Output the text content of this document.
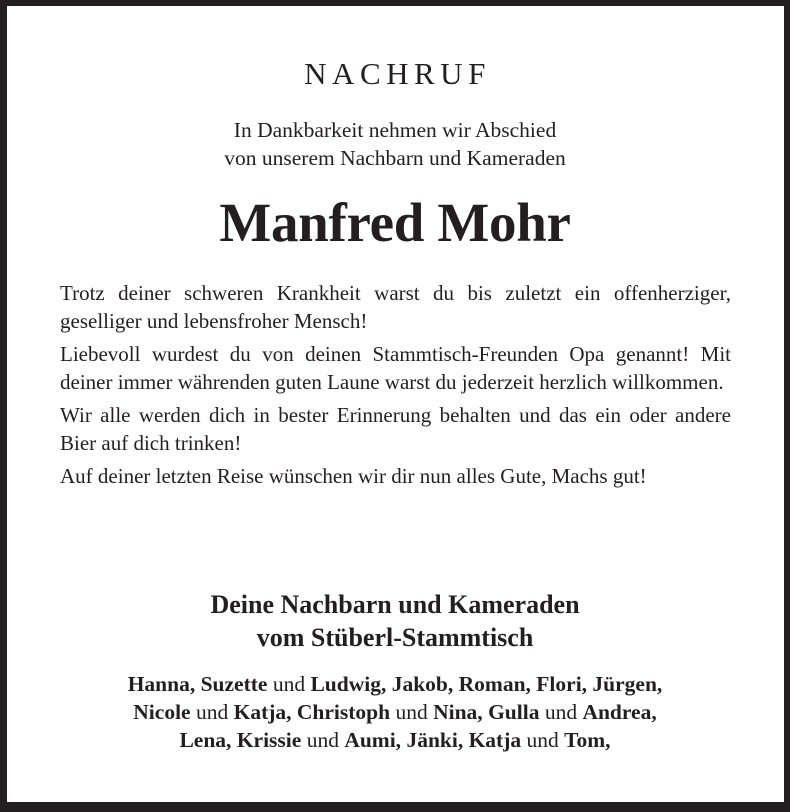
NACHRUF
In Dankbarkeit nehmen wir Abschied
von unserem Nachbarn und Kameraden
Manfred Mohr

Trotz deiner schweren Krankheit warst du bis zuletzt ein offenherziger, geselliger und lebensfroher Mensch!

Liebevoll wurdest du von deinen Stammtisch-Freunden Opa genannt! Mit deiner immer währenden guten Laune warst du jederzeit herzlich willkommen.

Wir alle werden dich in bester Erinnerung behalten und das ein oder andere Bier auf dich trinken!

Auf deiner letzten Reise wünschen wir dir nun alles Gute, Machs gut!

Deine Nachbarn und Kameraden
vom Stüberl-Stammtisch
Hanna, Suzette und Ludwig, Jakob, Roman, Flori, Jürgen,
Nicole und Katja, Christoph und Nina, Gulla und Andrea,
Lena, Krissie und Aumi, Jänki, Katja und Tom,
